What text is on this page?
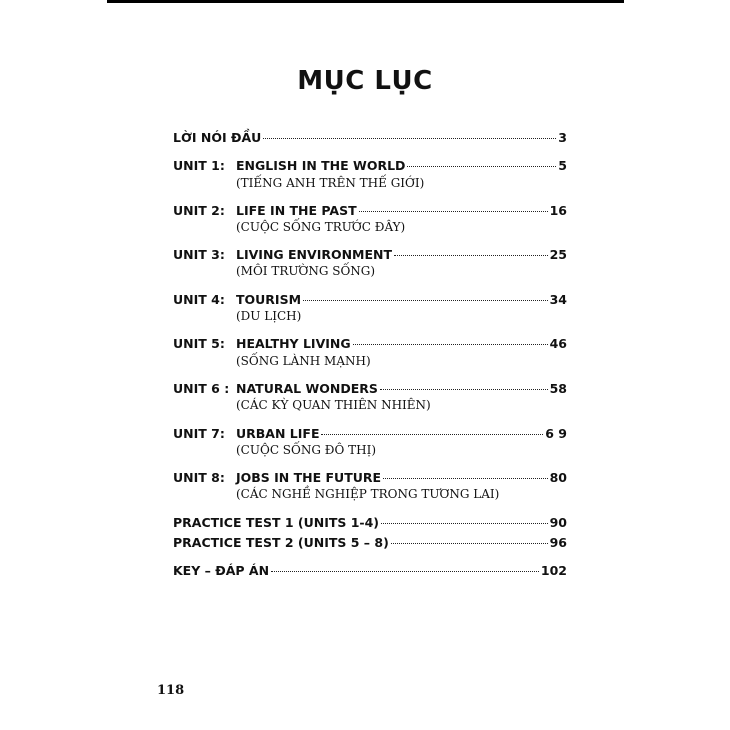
MỤC LỤC
LỜI NÓI ĐẦU	3
UNIT 1: ENGLISH IN THE WORLD	5
(TIẾNG ANH TRÊN THẾ GIỚI)
UNIT 2: LIFE IN THE PAST	16
(CUỘC SỐNG TRƯỚC ĐÂY)
UNIT 3: LIVING ENVIRONMENT	25
(MÔI TRƯỜNG SỐNG)
UNIT 4: TOURISM	34
(DU LỊCH)
UNIT 5: HEALTHY LIVING	46
(SỐNG LÀNH MẠNH)
UNIT 6 : NATURAL WONDERS	58
(CÁC KỲ QUAN THIÊN NHIÊN)
UNIT 7: URBAN LIFE	6 9
(CUỘC SỐNG ĐÔ THỊ)
UNIT 8: JOBS IN THE FUTURE	80
(CÁC NGHỀ NGHIỆP TRONG TƯƠNG LAI)
PRACTICE TEST 1 (UNITS 1-4)	90
PRACTICE TEST 2 (UNITS 5 – 8)	96
KEY – ĐÁP ÁN	102
118
